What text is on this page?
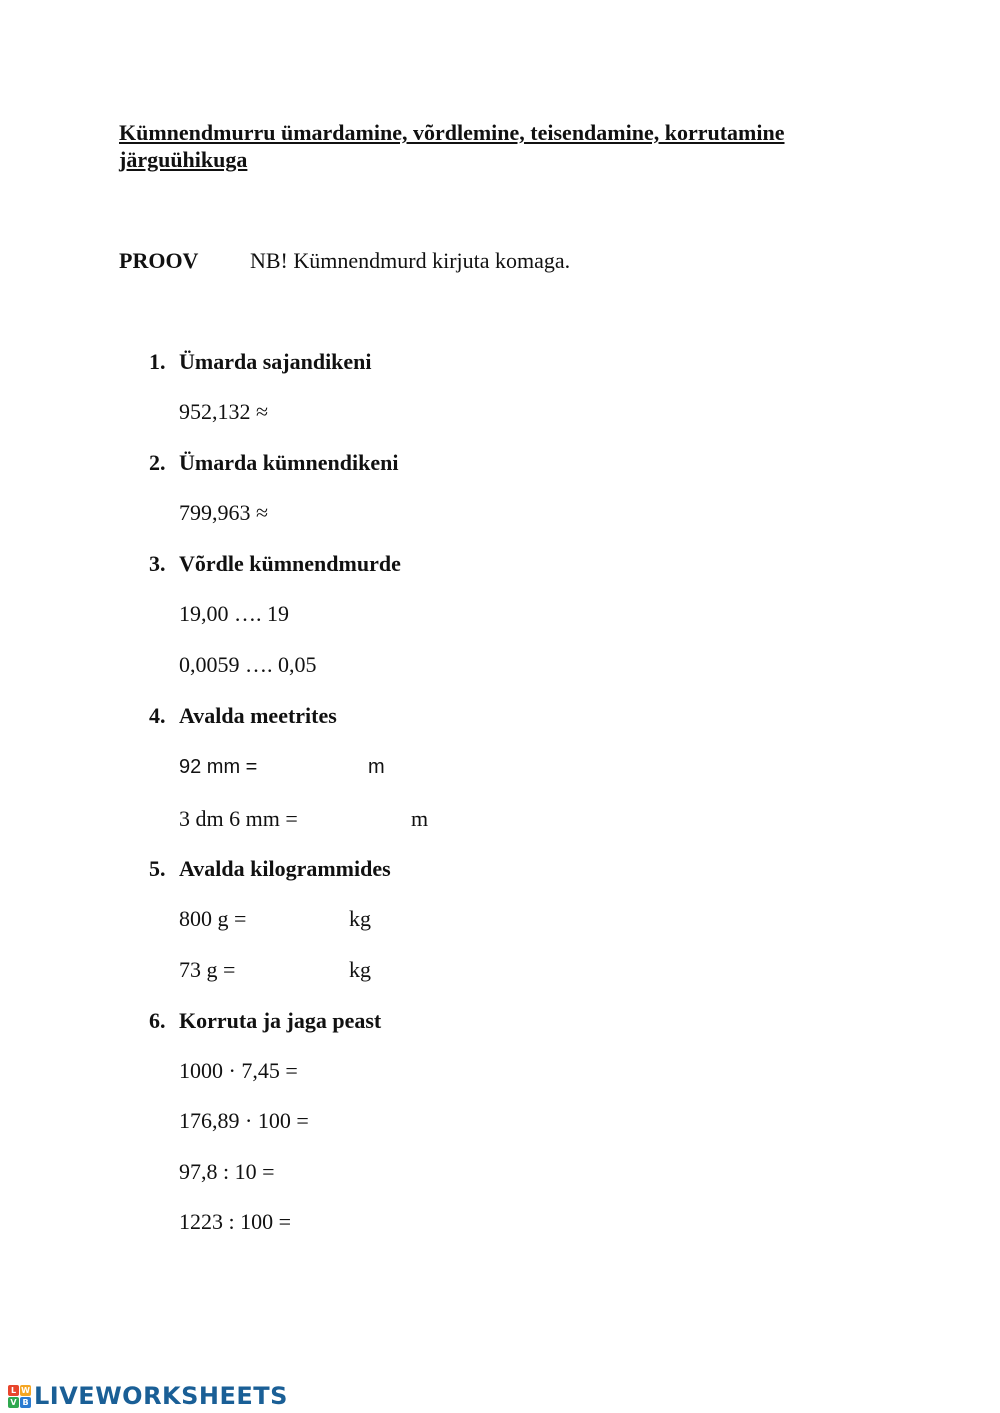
Kümnendmurru ümardamine, võrdlemine, teisendamine, korrutamine järguühikuga
PROOV NB! Kümnendmurd kirjuta komaga.
1. Ümarda sajandikeni
952,132 ≈
2. Ümarda kümnendikeni
799,963 ≈
3. Võrdle kümnendmurde
19,00 …. 19
0,0059 …. 0,05
4. Avalda meetrites
92 mm =	m
3 dm 6 mm =	m
5. Avalda kilogrammides
800 g =	kg
73 g =	kg
6. Korruta ja jaga peast
1000 · 7,45 =
176,89 · 100 =
97,8 : 10 =
1223 : 100 =
L W
V B LIVEWORKSHEETS
